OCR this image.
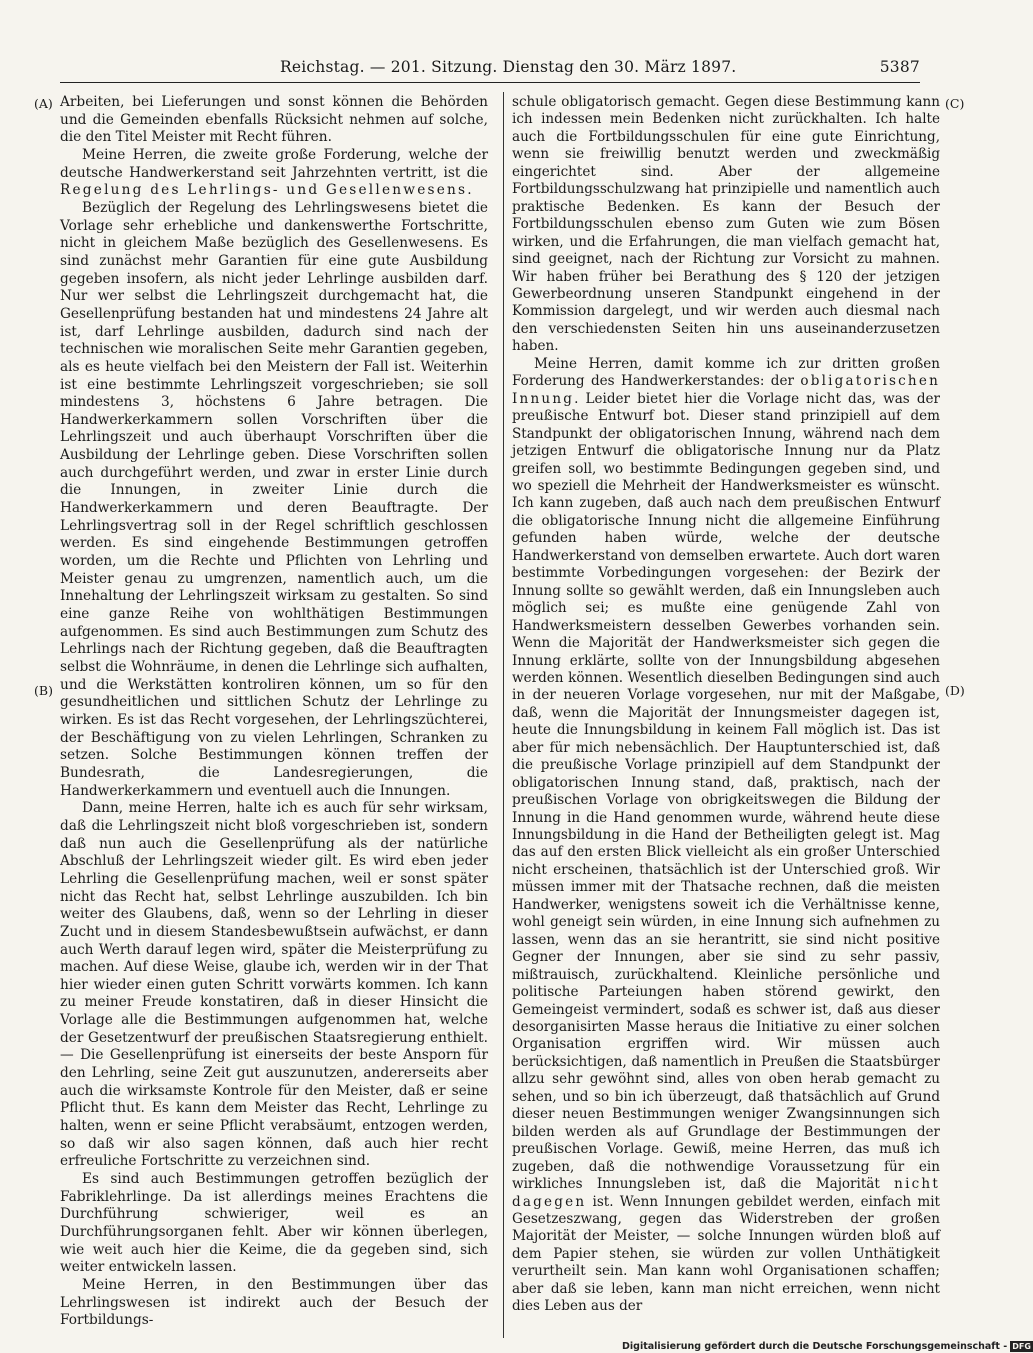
Reichstag. — 201. Sitzung. Dienstag den 30. März 1897.	5387
(A)
(B)
(C)
(D)

Arbeiten, bei Lieferungen und sonst können die Behörden und die Gemeinden ebenfalls Rücksicht nehmen auf solche, die den Titel Meister mit Recht führen.

Meine Herren, die zweite große Forderung, welche der deutsche Handwerkerstand seit Jahrzehnten vertritt, ist die Regelung des Lehrlings- und Gesellenwesens.

Bezüglich der Regelung des Lehrlingswesens bietet die Vorlage sehr erhebliche und dankenswerthe Fortschritte, nicht in gleichem Maße bezüglich des Gesellenwesens. Es sind zunächst mehr Garantien für eine gute Ausbildung gegeben insofern, als nicht jeder Lehrlinge ausbilden darf. Nur wer selbst die Lehrlingszeit durchgemacht hat, die Gesellenprüfung bestanden hat und mindestens 24 Jahre alt ist, darf Lehrlinge ausbilden, dadurch sind nach der technischen wie moralischen Seite mehr Garantien gegeben, als es heute vielfach bei den Meistern der Fall ist. Weiterhin ist eine bestimmte Lehrlingszeit vorgeschrieben; sie soll mindestens 3, höchstens 6 Jahre betragen. Die Handwerkerkammern sollen Vorschriften über die Lehrlingszeit und auch überhaupt Vorschriften über die Ausbildung der Lehrlinge geben. Diese Vorschriften sollen auch durchgeführt werden, und zwar in erster Linie durch die Innungen, in zweiter Linie durch die Handwerkerkammern und deren Beauftragte. Der Lehrlingsvertrag soll in der Regel schriftlich geschlossen werden. Es sind eingehende Bestimmungen getroffen worden, um die Rechte und Pflichten von Lehrling und Meister genau zu umgrenzen, namentlich auch, um die Innehaltung der Lehrlingszeit wirksam zu gestalten. So sind eine ganze Reihe von wohlthätigen Bestimmungen aufgenommen. Es sind auch Bestimmungen zum Schutz des Lehrlings nach der Richtung gegeben, daß die Beauftragten selbst die Wohnräume, in denen die Lehrlinge sich aufhalten, und die Werkstätten kontroliren können, um so für den gesundheitlichen und sittlichen Schutz der Lehrlinge zu wirken. Es ist das Recht vorgesehen, der Lehrlingszüchterei, der Beschäftigung von zu vielen Lehrlingen, Schranken zu setzen. Solche Bestimmungen können treffen der Bundesrath, die Landesregierungen, die Handwerkerkammern und eventuell auch die Innungen.

Dann, meine Herren, halte ich es auch für sehr wirksam, daß die Lehrlingszeit nicht bloß vorgeschrieben ist, sondern daß nun auch die Gesellenprüfung als der natürliche Abschluß der Lehrlingszeit wieder gilt. Es wird eben jeder Lehrling die Gesellenprüfung machen, weil er sonst später nicht das Recht hat, selbst Lehrlinge auszubilden. Ich bin weiter des Glaubens, daß, wenn so der Lehrling in dieser Zucht und in diesem Standesbewußtsein aufwächst, er dann auch Werth darauf legen wird, später die Meisterprüfung zu machen. Auf diese Weise, glaube ich, werden wir in der That hier wieder einen guten Schritt vorwärts kommen. Ich kann zu meiner Freude konstatiren, daß in dieser Hinsicht die Vorlage alle die Bestimmungen aufgenommen hat, welche der Gesetzentwurf der preußischen Staatsregierung enthielt. — Die Gesellenprüfung ist einerseits der beste Ansporn für den Lehrling, seine Zeit gut auszunutzen, andererseits aber auch die wirksamste Kontrole für den Meister, daß er seine Pflicht thut. Es kann dem Meister das Recht, Lehrlinge zu halten, wenn er seine Pflicht verabsäumt, entzogen werden, so daß wir also sagen können, daß auch hier recht erfreuliche Fortschritte zu verzeichnen sind.

Es sind auch Bestimmungen getroffen bezüglich der Fabriklehrlinge. Da ist allerdings meines Erachtens die Durchführung schwieriger, weil es an Durchführungsorganen fehlt. Aber wir können überlegen, wie weit auch hier die Keime, die da gegeben sind, sich weiter entwickeln lassen.

Meine Herren, in den Bestimmungen über das Lehrlingswesen ist indirekt auch der Besuch der Fortbildungs-

schule obligatorisch gemacht. Gegen diese Bestimmung kann ich indessen mein Bedenken nicht zurückhalten. Ich halte auch die Fortbildungsschulen für eine gute Einrichtung, wenn sie freiwillig benutzt werden und zweckmäßig eingerichtet sind. Aber der allgemeine Fortbildungsschulzwang hat prinzipielle und namentlich auch praktische Bedenken. Es kann der Besuch der Fortbildungsschulen ebenso zum Guten wie zum Bösen wirken, und die Erfahrungen, die man vielfach gemacht hat, sind geeignet, nach der Richtung zur Vorsicht zu mahnen. Wir haben früher bei Berathung des § 120 der jetzigen Gewerbeordnung unseren Standpunkt eingehend in der Kommission dargelegt, und wir werden auch diesmal nach den verschiedensten Seiten hin uns auseinanderzusetzen haben.

Meine Herren, damit komme ich zur dritten großen Forderung des Handwerkerstandes: der obligatorischen Innung. Leider bietet hier die Vorlage nicht das, was der preußische Entwurf bot. Dieser stand prinzipiell auf dem Standpunkt der obligatorischen Innung, während nach dem jetzigen Entwurf die obligatorische Innung nur da Platz greifen soll, wo bestimmte Bedingungen gegeben sind, und wo speziell die Mehrheit der Handwerksmeister es wünscht. Ich kann zugeben, daß auch nach dem preußischen Entwurf die obligatorische Innung nicht die allgemeine Einführung gefunden haben würde, welche der deutsche Handwerkerstand von demselben erwartete. Auch dort waren bestimmte Vorbedingungen vorgesehen: der Bezirk der Innung sollte so gewählt werden, daß ein Innungsleben auch möglich sei; es mußte eine genügende Zahl von Handwerksmeistern desselben Gewerbes vorhanden sein. Wenn die Majorität der Handwerksmeister sich gegen die Innung erklärte, sollte von der Innungsbildung abgesehen werden können. Wesentlich dieselben Bedingungen sind auch in der neueren Vorlage vorgesehen, nur mit der Maßgabe, daß, wenn die Majorität der Innungsmeister dagegen ist, heute die Innungsbildung in keinem Fall möglich ist. Das ist aber für mich nebensächlich. Der Hauptunterschied ist, daß die preußische Vorlage prinzipiell auf dem Standpunkt der obligatorischen Innung stand, daß, praktisch, nach der preußischen Vorlage von obrigkeitswegen die Bildung der Innung in die Hand genommen wurde, während heute diese Innungsbildung in die Hand der Betheiligten gelegt ist. Mag das auf den ersten Blick vielleicht als ein großer Unterschied nicht erscheinen, thatsächlich ist der Unterschied groß. Wir müssen immer mit der Thatsache rechnen, daß die meisten Handwerker, wenigstens soweit ich die Verhältnisse kenne, wohl geneigt sein würden, in eine Innung sich aufnehmen zu lassen, wenn das an sie herantritt, sie sind nicht positive Gegner der Innungen, aber sie sind zu sehr passiv, mißtrauisch, zurückhaltend. Kleinliche persönliche und politische Parteiungen haben störend gewirkt, den Gemeingeist vermindert, sodaß es schwer ist, daß aus dieser desorganisirten Masse heraus die Initiative zu einer solchen Organisation ergriffen wird. Wir müssen auch berücksichtigen, daß namentlich in Preußen die Staatsbürger allzu sehr gewöhnt sind, alles von oben herab gemacht zu sehen, und so bin ich überzeugt, daß thatsächlich auf Grund dieser neuen Bestimmungen weniger Zwangsinnungen sich bilden werden als auf Grundlage der Bestimmungen der preußischen Vorlage. Gewiß, meine Herren, das muß ich zugeben, daß die nothwendige Voraussetzung für ein wirkliches Innungsleben ist, daß die Majorität nicht dagegen ist. Wenn Innungen gebildet werden, einfach mit Gesetzeszwang, gegen das Widerstreben der großen Majorität der Meister, — solche Innungen würden bloß auf dem Papier stehen, sie würden zur vollen Unthätigkeit verurtheilt sein. Man kann wohl Organisationen schaffen; aber daß sie leben, kann man nicht erreichen, wenn nicht dies Leben aus der

Digitalisierung gefördert durch die Deutsche Forschungsgemeinschaft - DFG
